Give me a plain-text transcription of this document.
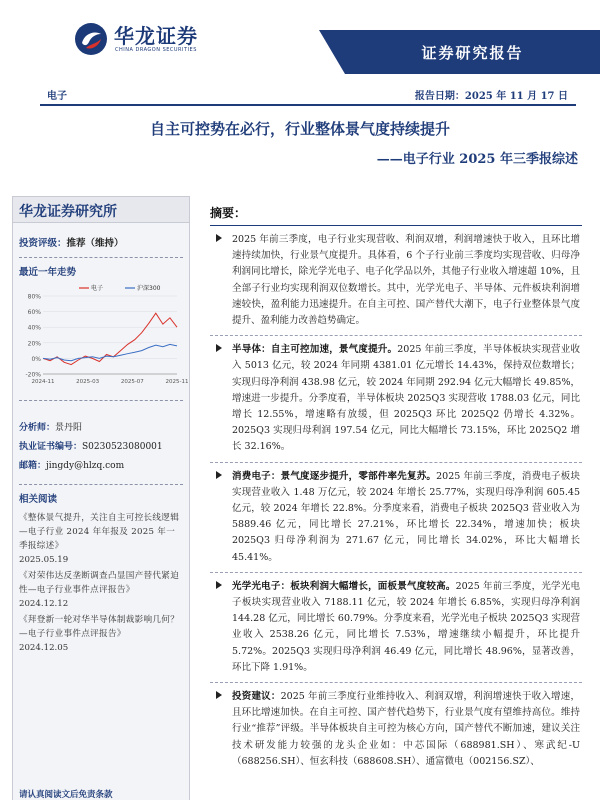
华龙证券
CHINA DRAGON SECURITIES	证券研究报告
电子	报告日期：2025 年 11 月 17 日
自主可控势在必行，行业整体景气度持续提升
——电子行业 2025 年三季报综述
华龙证券研究所
投资评级：推荐（维持）
最近一年走势
80%
60%
40%
20%
0%
-20%
2024-11	2025-03	2025-07	2025-11
电子	沪深300
分析师：景丹阳
执业证书编号：S0230523080001
邮箱：jingdy@hlzq.com
相关阅读
《整体景气提升，关注自主可控长线逻辑—电子行业 2024 年年报及 2025 年一季报综述》
2025.05.19
《对荣伟达反垄断调查凸显国产替代紧迫性—电子行业事件点评报告》
2024.12.12
《拜登新一轮对华半导体制裁影响几何？—电子行业事件点评报告》
2024.12.05
请认真阅读文后免责条款
摘要：
2025 年前三季度，电子行业实现营收、利润双增，利润增速快于收入，且环比增速持续加快，行业景气度提升。具体看，6 个子行业前三季度均实现营收、归母净利润同比增长，除光学光电子、电子化学品以外，其他子行业收入增速超 10%，且全部子行业均实现利润双位数增长。其中，光学光电子、半导体、元件板块利润增速较快，盈利能力迅速提升。在自主可控、国产替代大潮下，电子行业整体景气度提升、盈利能力改善趋势确定。
半导体：自主可控加速，景气度提升。2025 年前三季度，半导体板块实现营业收入 5013 亿元，较 2024 年同期 4381.01 亿元增长 14.43%，保持双位数增长；实现归母净利润 438.98 亿元，较 2024 年同期 292.94 亿元大幅增长 49.85%，增速进一步提升。分季度看，半导体板块 2025Q3 实现营收 1788.03 亿元，同比增长 12.55%，增速略有放缓，但 2025Q3 环比 2025Q2 仍增长 4.32%。2025Q3 实现归母利润 197.54 亿元，同比大幅增长 73.15%，环比 2025Q2 增长 32.16%。
消费电子：景气度逐步提升，零部件率先复苏。2025 年前三季度，消费电子板块实现营业收入 1.48 万亿元，较 2024 年增长 25.77%，实现归母净利润 605.45 亿元，较 2024 年增长 22.8%。分季度来看，消费电子板块 2025Q3 营业收入为 5889.46 亿元，同比增长 27.21%，环比增长 22.34%，增速加快；板块 2025Q3 归母净利润为 271.67 亿元，同比增长 34.02%，环比大幅增长 45.41%。
光学光电子：板块利润大幅增长，面板景气度较高。2025 年前三季度，光学光电子板块实现营业收入 7188.11 亿元，较 2024 年增长 6.85%，实现归母净利润 144.28 亿元，同比增长 60.79%。分季度来看，光学光电子板块 2025Q3 实现营业收入 2538.26 亿元，同比增长 7.53%，增速继续小幅提升，环比提升 5.72%。2025Q3 实现归母净利润 46.49 亿元，同比增长 48.96%，显著改善，环比下降 1.91%。
投资建议：2025 年前三季度行业维持收入、利润双增，利润增速快于收入增速，且环比增速加快。在自主可控、国产替代趋势下，行业景气度有望维持高位。维持行业“推荐”评级。半导体板块自主可控为核心方向，国产替代不断加速，建议关注技术研发能力较强的龙头企业如：中芯国际（688981.SH）、寒武纪-U（688256.SH）、恒玄科技（688608.SH）、通富微电（002156.SZ）、
